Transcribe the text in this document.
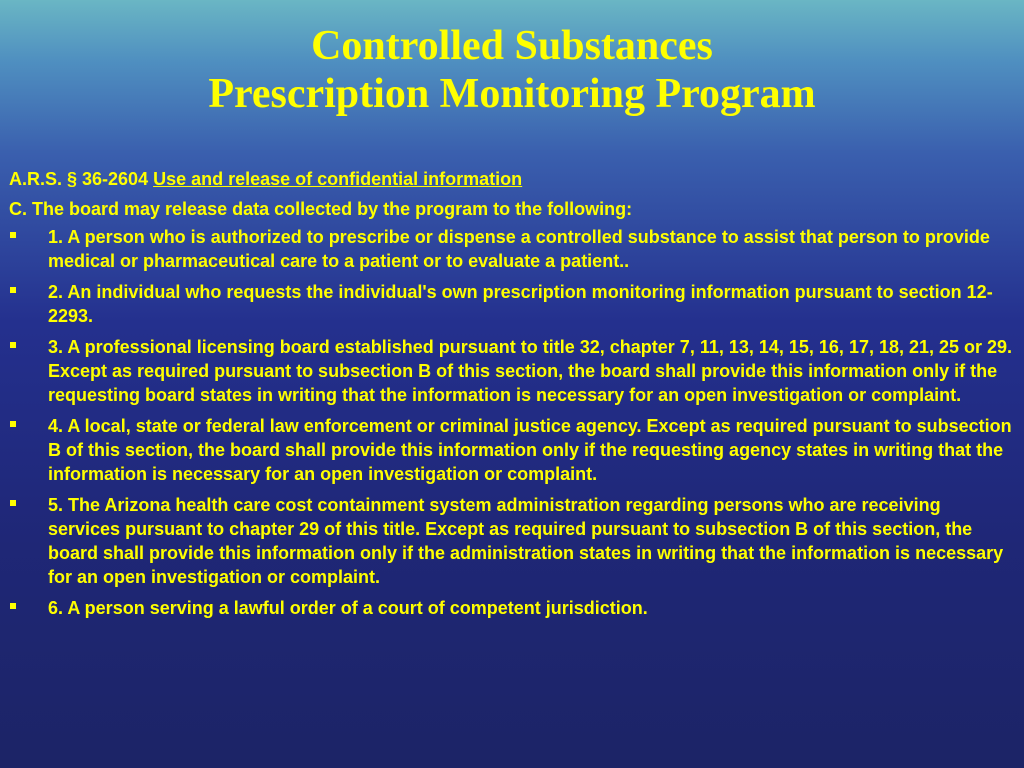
Controlled Substances
Prescription Monitoring Program
A.R.S. § 36-2604 Use and release of confidential information
C. The board may release data collected by the program to the following:
1. A person who is authorized to prescribe or dispense a controlled substance to assist that person to provide medical or pharmaceutical care to a patient or to evaluate a patient..
2. An individual who requests the individual's own prescription monitoring information pursuant to section 12-2293.
3. A professional licensing board established pursuant to title 32, chapter 7, 11, 13, 14, 15, 16, 17, 18, 21, 25 or 29. Except as required pursuant to subsection B of this section, the board shall provide this information only if the requesting board states in writing that the information is necessary for an open investigation or complaint.
4. A local, state or federal law enforcement or criminal justice agency. Except as required pursuant to subsection B of this section, the board shall provide this information only if the requesting agency states in writing that the information is necessary for an open investigation or complaint.
5. The Arizona health care cost containment system administration regarding persons who are receiving services pursuant to chapter 29 of this title. Except as required pursuant to subsection B of this section, the board shall provide this information only if the administration states in writing that the information is necessary for an open investigation or complaint.
6. A person serving a lawful order of a court of competent jurisdiction.
